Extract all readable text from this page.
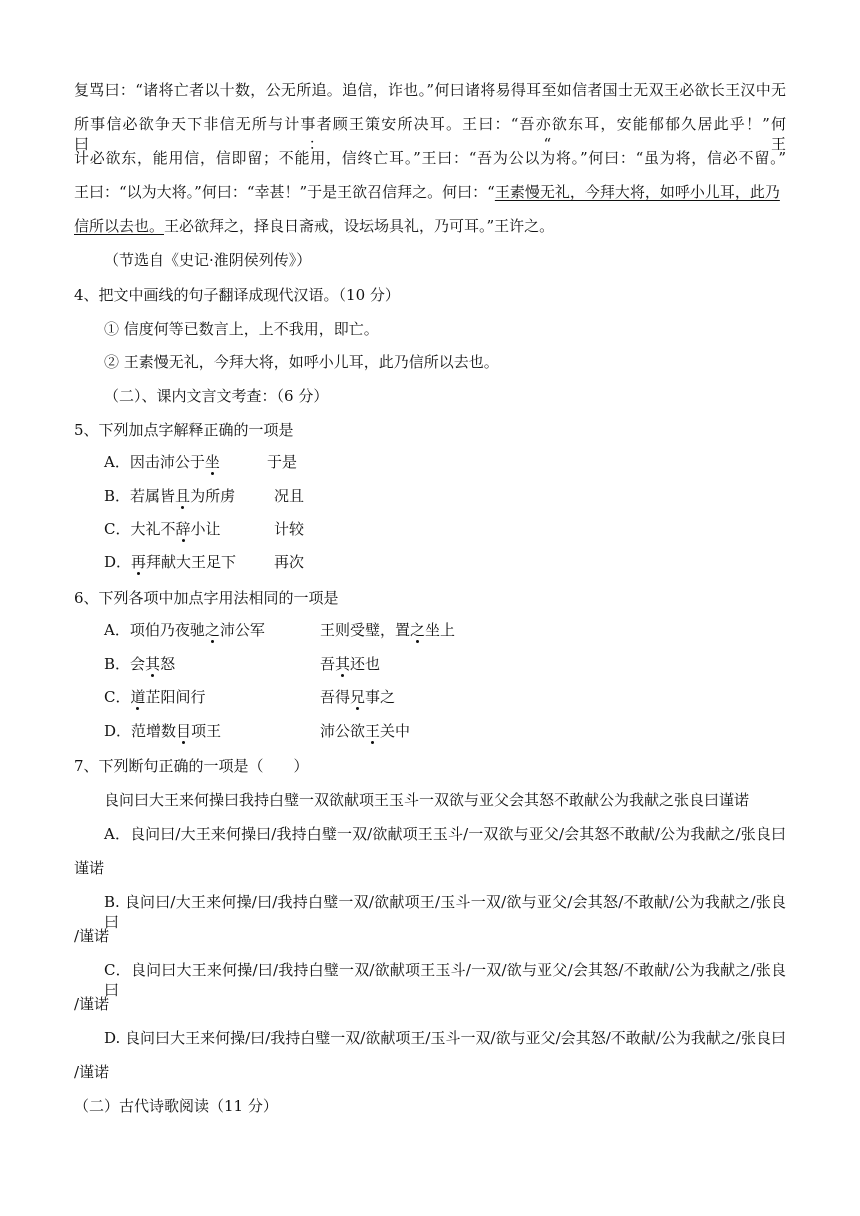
复骂曰：“诸将亡者以十数，公无所追。追信，诈也。”何曰诸将易得耳至如信者国士无双王必欲长王汉中无
所事信必欲争天下非信无所与计事者顾王策安所决耳。王曰：“吾亦欲东耳，安能郁郁久居此乎！”何曰：“王
计必欲东，能用信，信即留；不能用，信终亡耳。”王曰：“吾为公以为将。”何曰：“虽为将，信必不留。”
王曰：“以为大将。”何曰：“幸甚！”于是王欲召信拜之。何曰：“王素慢无礼，今拜大将，如呼小儿耳，此乃
信所以去也。王必欲拜之，择良日斋戒，设坛场具礼，乃可耳。”王许之。
（节选自《史记·淮阴侯列传》）
4、把文中画线的句子翻译成现代汉语。（10 分）
① 信度何等已数言上，上不我用，即亡。
② 王素慢无礼，今拜大将，如呼小儿耳，此乃信所以去也。
（二）、课内文言文考查：（6 分）
5、下列加点字解释正确的一项是
A．因击沛公于坐	于是
B．若属皆且为所虏	况且
C．大礼不辞小让	计较
D．再拜献大王足下	再次
6、下列各项中加点字用法相同的一项是
A．项伯乃夜驰之沛公军	王则受璧，置之坐上
B．会其怒	吾其还也
C．道芷阳间行	吾得兄事之
D．范增数目项王	沛公欲王关中
7、下列断句正确的一项是（　　）
良问曰大王来何操曰我持白璧一双欲献项王玉斗一双欲与亚父会其怒不敢献公为我献之张良曰谨诺
A．良问曰/大王来何操曰/我持白璧一双/欲献项王玉斗/一双欲与亚父/会其怒不敢献/公为我献之/张良曰
谨诺
B. 良问曰/大王来何操/曰/我持白璧一双/欲献项王/玉斗一双/欲与亚父/会其怒/不敢献/公为我献之/张良曰
/谨诺
C．良问曰大王来何操/曰/我持白璧一双/欲献项王玉斗/一双/欲与亚父/会其怒/不敢献/公为我献之/张良曰
/谨诺
D. 良问曰大王来何操/曰/我持白璧一双/欲献项王/玉斗一双/欲与亚父/会其怒/不敢献/公为我献之/张良曰
/谨诺
（二）古代诗歌阅读（11 分）
